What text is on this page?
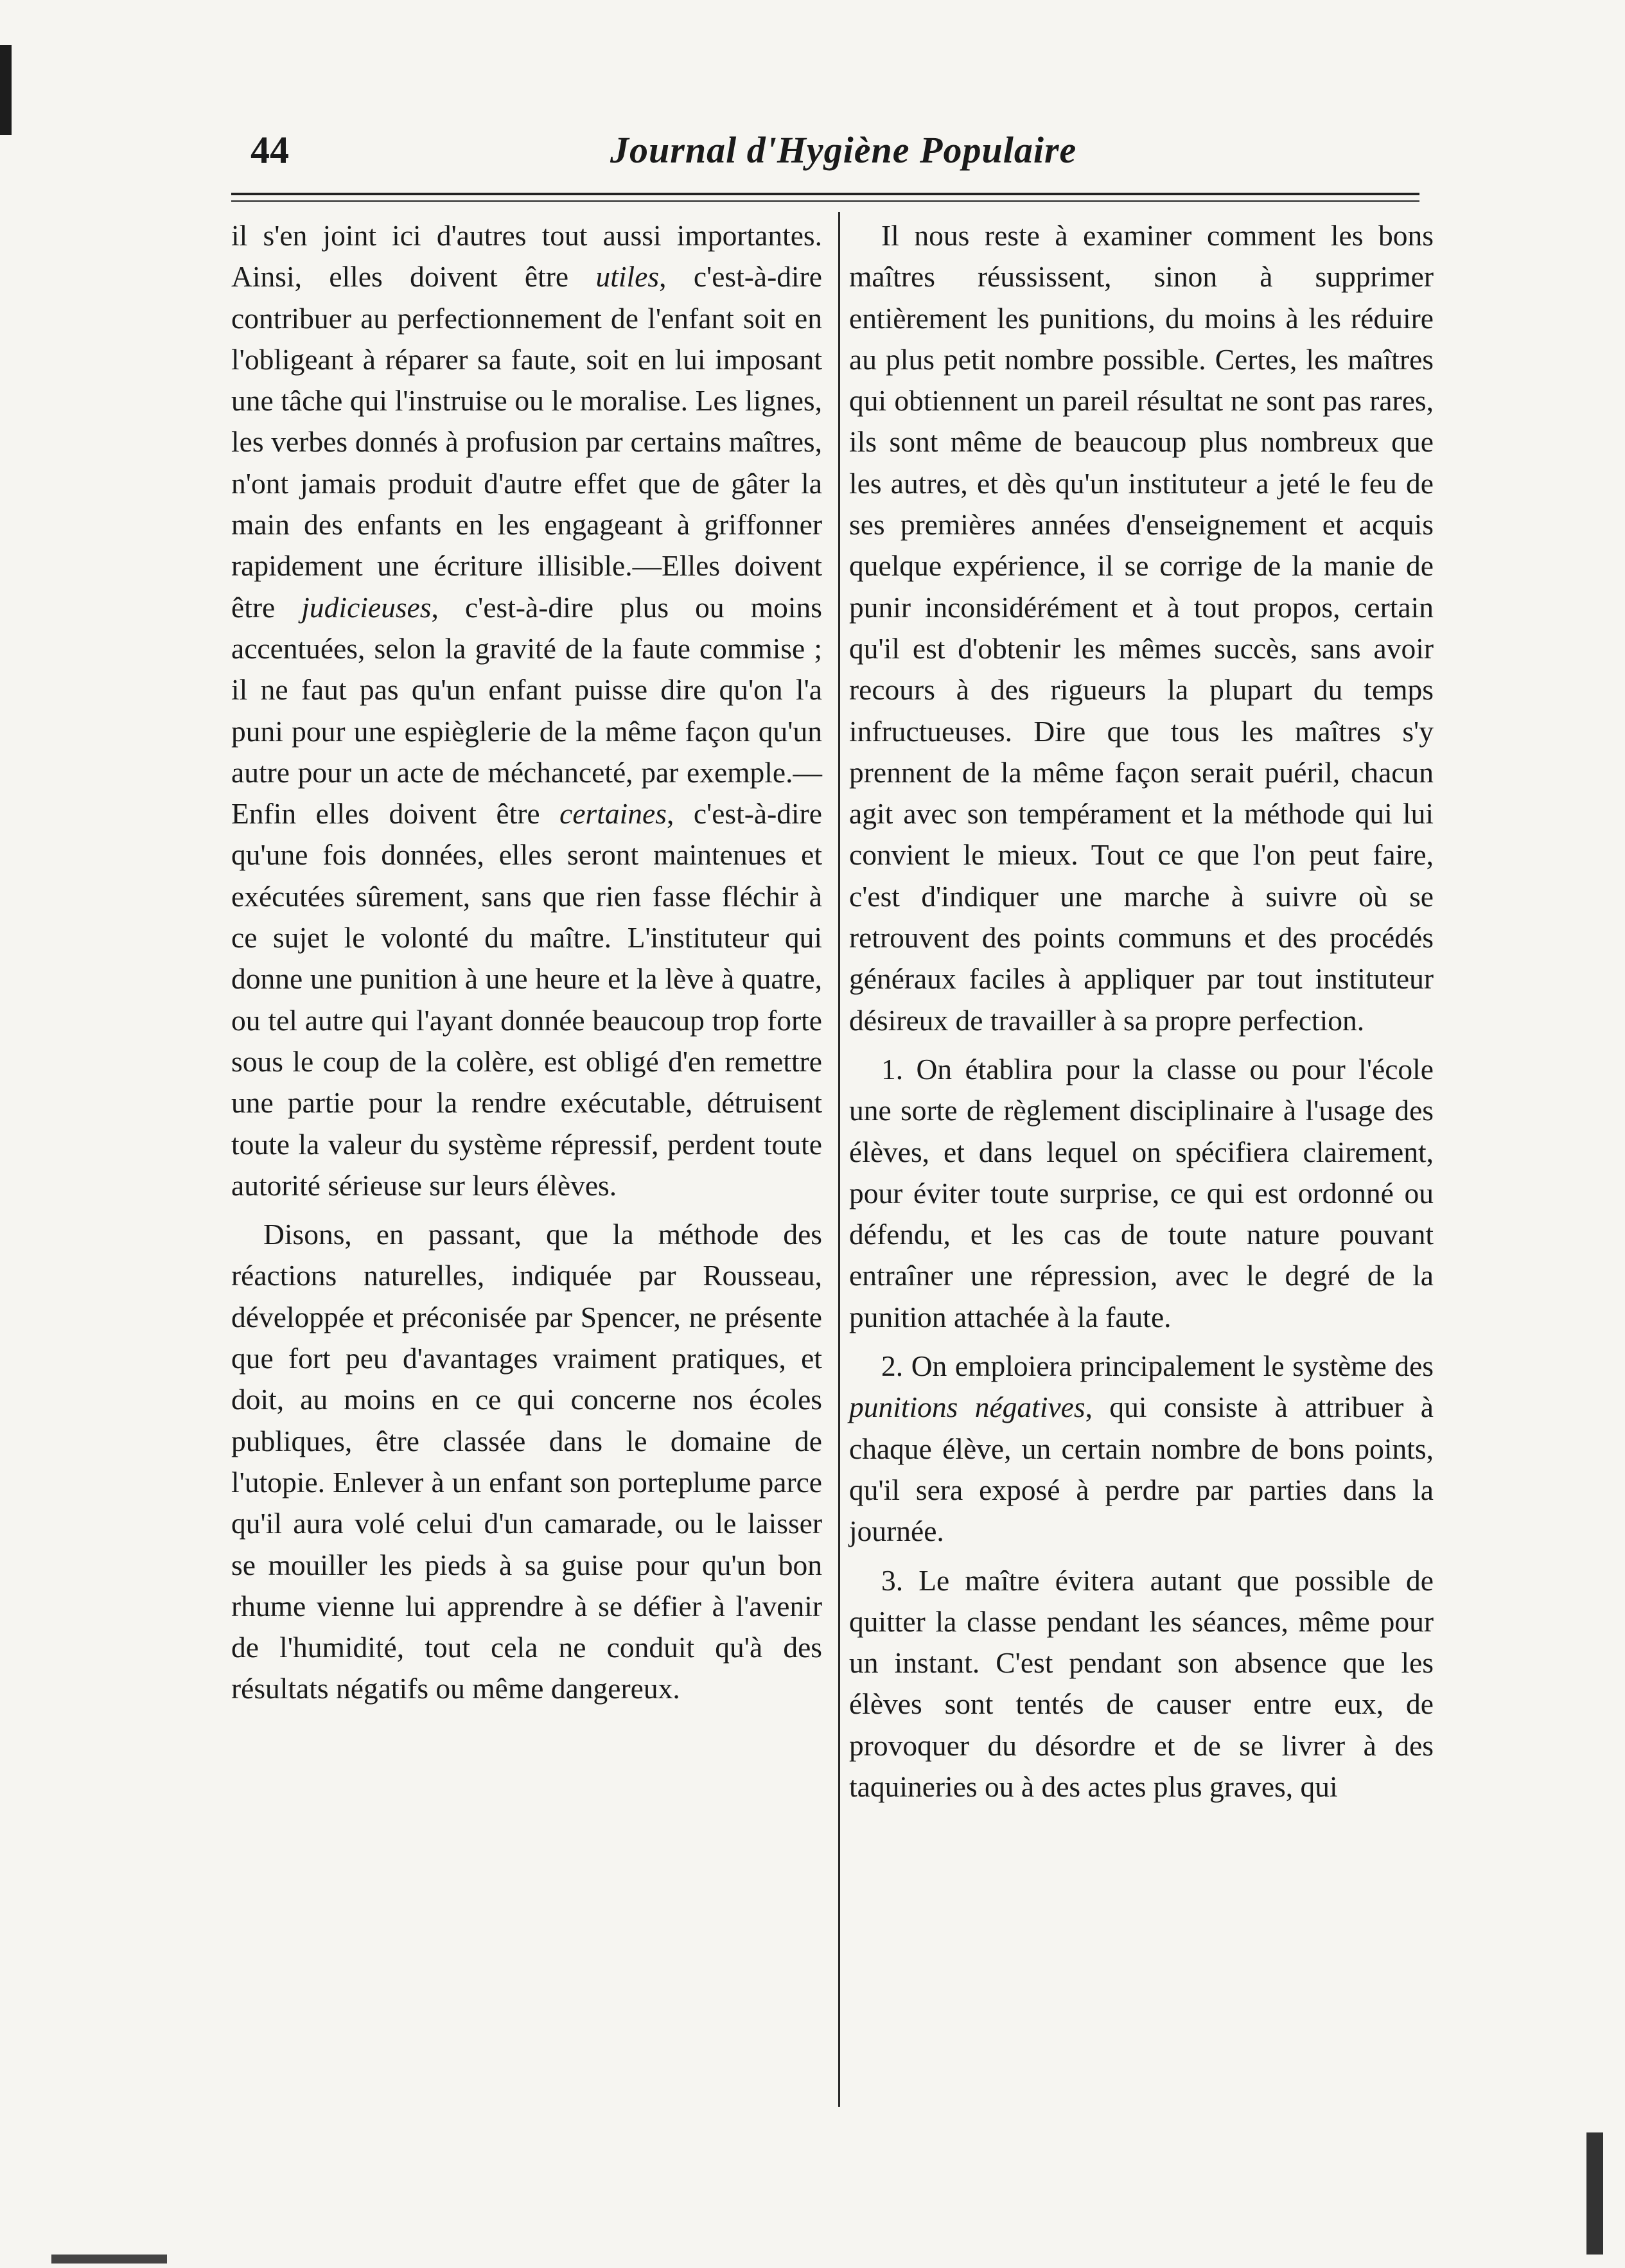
44	Journal d'Hygiène Populaire

il s'en joint ici d'autres tout aussi importantes. Ainsi, elles doivent être utiles, c'est-à-dire contribuer au perfectionnement de l'enfant soit en l'obligeant à réparer sa faute, soit en lui imposant une tâche qui l'instruise ou le moralise. Les lignes, les verbes donnés à profusion par certains maîtres, n'ont jamais produit d'autre effet que de gâter la main des enfants en les engageant à griffonner rapidement une écriture illisible.—Elles doivent être judicieuses, c'est-à-dire plus ou moins accentuées, selon la gravité de la faute commise ; il ne faut pas qu'un enfant puisse dire qu'on l'a puni pour une espièglerie de la même façon qu'un autre pour un acte de méchanceté, par exemple.—Enfin elles doivent être certaines, c'est-à-dire qu'une fois données, elles seront maintenues et exécutées sûrement, sans que rien fasse fléchir à ce sujet le volonté du maître. L'instituteur qui donne une punition à une heure et la lève à quatre, ou tel autre qui l'ayant donnée beaucoup trop forte sous le coup de la colère, est obligé d'en remettre une partie pour la rendre exécutable, détruisent toute la valeur du système répressif, perdent toute autorité sérieuse sur leurs élèves.

Disons, en passant, que la méthode des réactions naturelles, indiquée par Rousseau, développée et préconisée par Spencer, ne présente que fort peu d'avantages vraiment pratiques, et doit, au moins en ce qui concerne nos écoles publiques, être classée dans le domaine de l'utopie. Enlever à un enfant son porteplume parce qu'il aura volé celui d'un camarade, ou le laisser se mouiller les pieds à sa guise pour qu'un bon rhume vienne lui apprendre à se défier à l'avenir de l'humidité, tout cela ne conduit qu'à des résultats négatifs ou même dangereux.

Il nous reste à examiner comment les bons maîtres réussissent, sinon à supprimer entièrement les punitions, du moins à les réduire au plus petit nombre possible. Certes, les maîtres qui obtiennent un pareil résultat ne sont pas rares, ils sont même de beaucoup plus nombreux que les autres, et dès qu'un instituteur a jeté le feu de ses premières années d'enseignement et acquis quelque expérience, il se corrige de la manie de punir inconsidérément et à tout propos, certain qu'il est d'obtenir les mêmes succès, sans avoir recours à des rigueurs la plupart du temps infructueuses. Dire que tous les maîtres s'y prennent de la même façon serait puéril, chacun agit avec son tempérament et la méthode qui lui convient le mieux. Tout ce que l'on peut faire, c'est d'indiquer une marche à suivre où se retrouvent des points communs et des procédés généraux faciles à appliquer par tout instituteur désireux de travailler à sa propre perfection.

1. On établira pour la classe ou pour l'école une sorte de règlement disciplinaire à l'usage des élèves, et dans lequel on spécifiera clairement, pour éviter toute surprise, ce qui est ordonné ou défendu, et les cas de toute nature pouvant entraîner une répression, avec le degré de la punition attachée à la faute.

2. On emploiera principalement le système des punitions négatives, qui consiste à attribuer à chaque élève, un certain nombre de bons points, qu'il sera exposé à perdre par parties dans la journée.

3. Le maître évitera autant que possible de quitter la classe pendant les séances, même pour un instant. C'est pendant son absence que les élèves sont tentés de causer entre eux, de provoquer du désordre et de se livrer à des taquineries ou à des actes plus graves, qui
